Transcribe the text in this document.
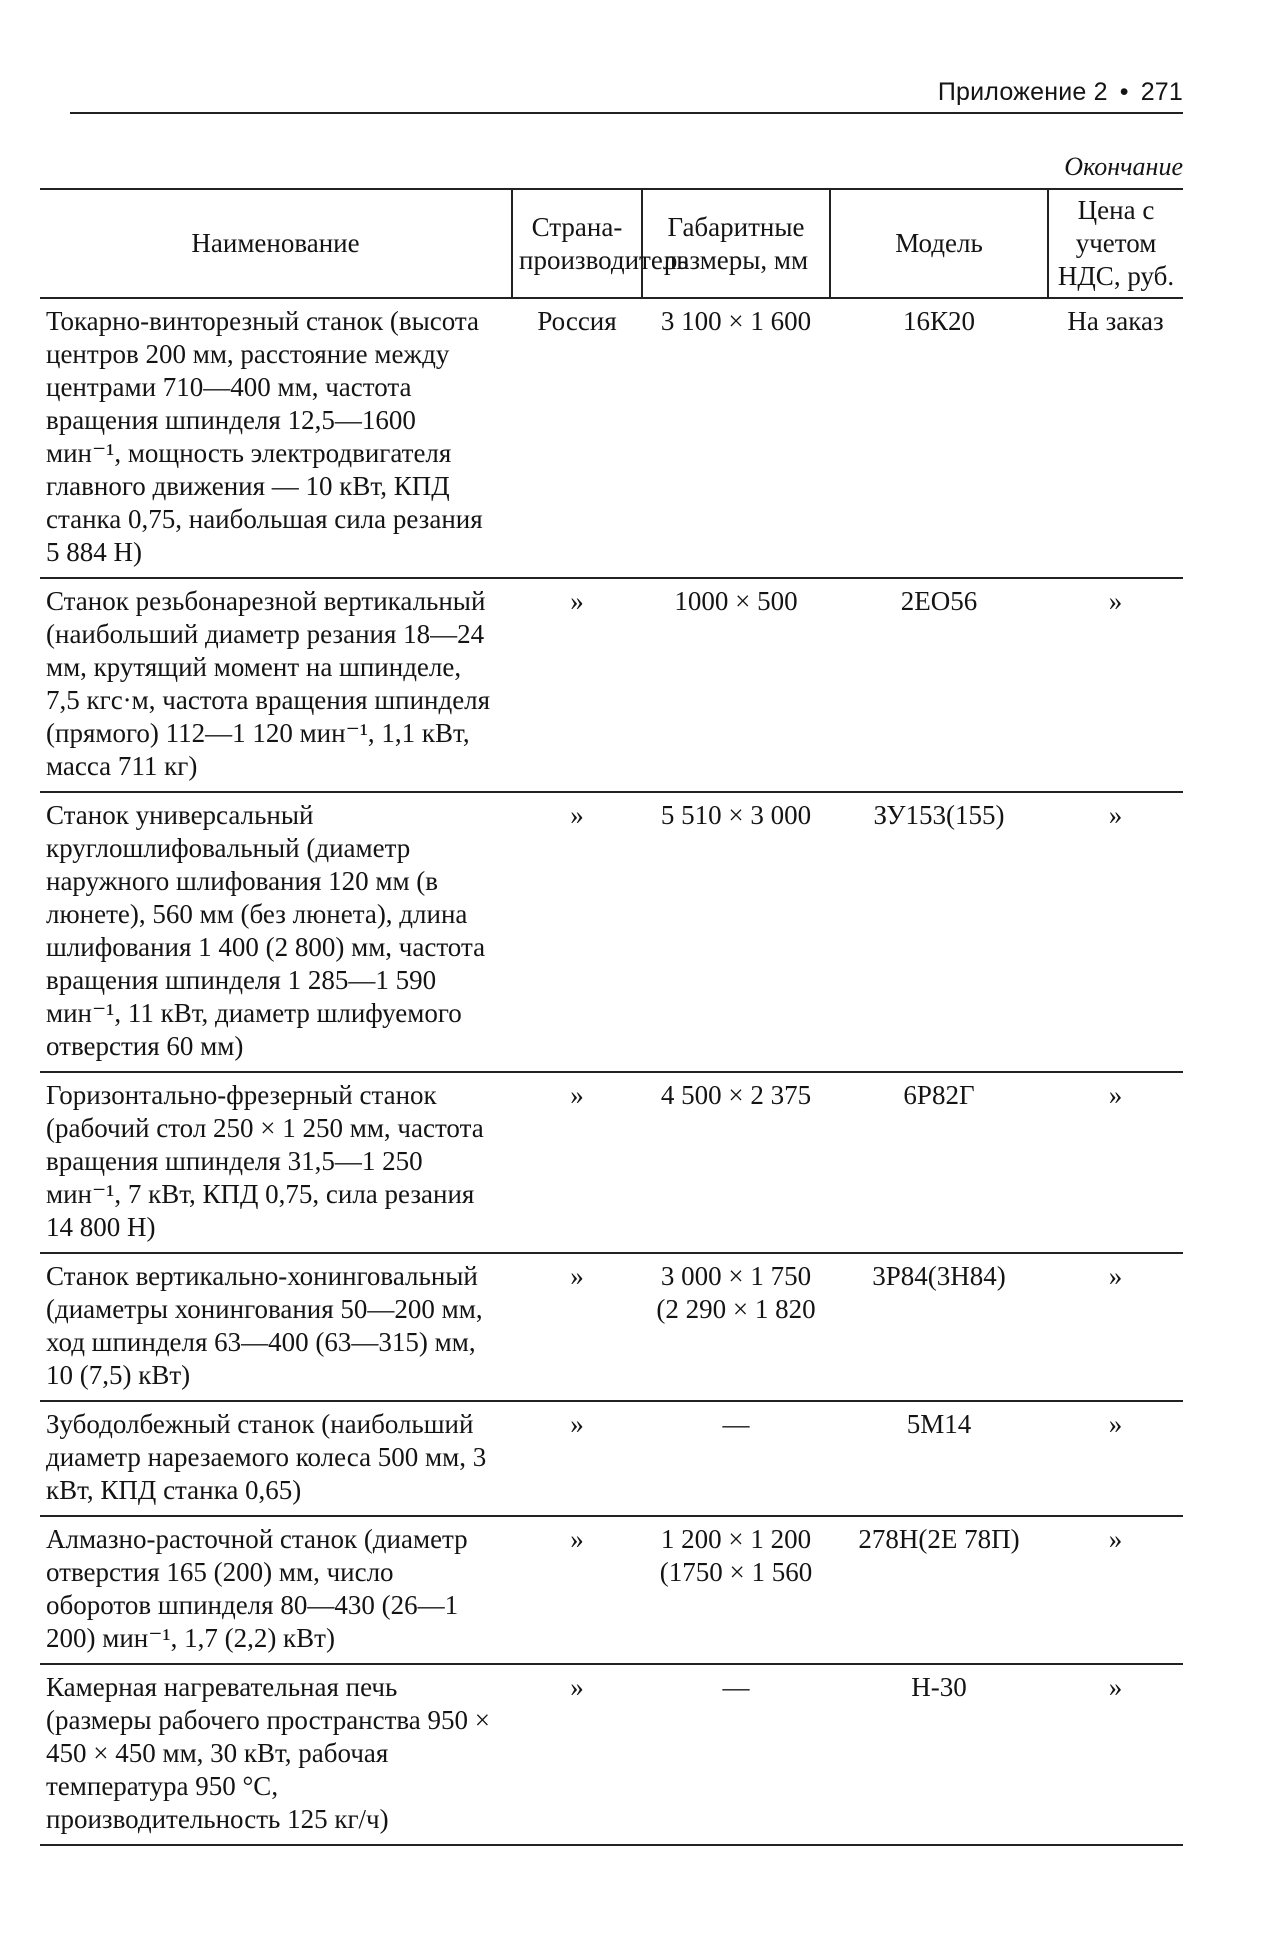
Приложение 2 • 271
Окончание
Наименование	Страна-производитель	Габаритные размеры, мм	Модель	Цена с учетом НДС, руб.
Токарно-винторезный станок (высота центров 200 мм, расстояние между центрами 710—400 мм, частота вращения шпинделя 12,5—1600 мин⁻¹, мощность электродвигателя главного движения — 10 кВт, КПД станка 0,75, наибольшая сила резания 5 884 Н)	Россия	3 100 × 1 600	16К20	На заказ
Станок резьбонарезной вертикальный (наибольший диаметр резания 18—24 мм, крутящий момент на шпинделе, 7,5 кгс·м, частота вращения шпинделя (прямого) 112—1 120 мин⁻¹, 1,1 кВт, масса 711 кг)	»	1000 × 500	2ЕО56	»
Станок универсальный круглошлифовальный (диаметр наружного шлифования 120 мм (в люнете), 560 мм (без люнета), длина шлифования 1 400 (2 800) мм, частота вращения шпинделя 1 285—1 590 мин⁻¹, 11 кВт, диаметр шлифуемого отверстия 60 мм)	»	5 510 × 3 000	ЗУ153(155)	»
Горизонтально-фрезерный станок (рабочий стол 250 × 1 250 мм, частота вращения шпинделя 31,5—1 250 мин⁻¹, 7 кВт, КПД 0,75, сила резания 14 800 Н)	»	4 500 × 2 375	6Р82Г	»
Станок вертикально-хонинговальный (диаметры хонингования 50—200 мм, ход шпинделя 63—400 (63—315) мм, 10 (7,5) кВт)	»	3 000 × 1 750 (2 290 × 1 820	3Р84(3Н84)	»
Зубодолбежный станок (наибольший диаметр нарезаемого колеса 500 мм, 3 кВт, КПД станка 0,65)	»	—	5М14	»
Алмазно-расточной станок (диаметр отверстия 165 (200) мм, число оборотов шпинделя 80—430 (26—1 200) мин⁻¹, 1,7 (2,2) кВт)	»	1 200 × 1 200 (1750 × 1 560	278Н(2Е 78П)	»
Камерная нагревательная печь (размеры рабочего пространства 950 × 450 × 450 мм, 30 кВт, рабочая температура 950 °С, производительность 125 кг/ч)	»	—	Н-30	»
